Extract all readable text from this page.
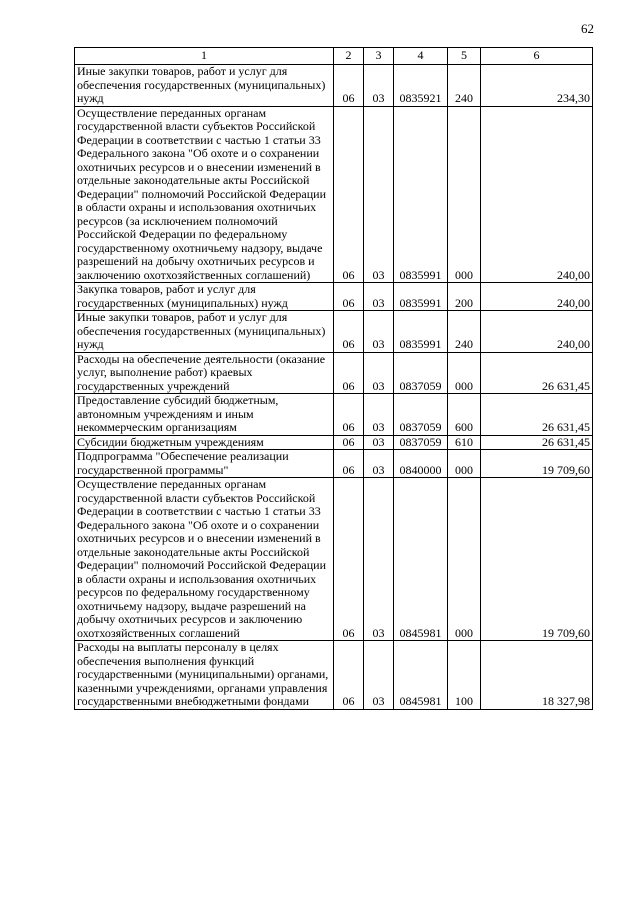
62
1	2	3	4	5	6
Иные закупки товаров, работ и услуг для обеспечения государственных (муниципальных) нужд	06	03	0835921	240	234,30
Осуществление переданных органам государственной власти субъектов Российской Федерации в соответствии с частью 1 статьи 33 Федерального закона "Об охоте и о сохранении охотничьих ресурсов и о внесении изменений в отдельные законодательные акты Российской Федерации" полномочий Российской Федерации в области охраны и использования охотничьих ресурсов (за исключением полномочий Российской Федерации по федеральному государственному охотничьему надзору, выдаче разрешений на добычу охотничьих ресурсов и заключению охотхозяйственных соглашений)	06	03	0835991	000	240,00
Закупка товаров, работ и услуг для государственных (муниципальных) нужд	06	03	0835991	200	240,00
Иные закупки товаров, работ и услуг для обеспечения государственных (муниципальных) нужд	06	03	0835991	240	240,00
Расходы на обеспечение деятельности (оказание услуг, выполнение работ) краевых государственных учреждений	06	03	0837059	000	26 631,45
Предоставление субсидий бюджетным, автономным учреждениям и иным некоммерческим организациям	06	03	0837059	600	26 631,45
Субсидии бюджетным учреждениям	06	03	0837059	610	26 631,45
Подпрограмма "Обеспечение реализации государственной программы"	06	03	0840000	000	19 709,60
Осуществление переданных органам государственной власти субъектов Российской Федерации в соответствии с частью 1 статьи 33 Федерального закона "Об охоте и о сохранении охотничьих ресурсов и о внесении изменений в отдельные законодательные акты Российской Федерации" полномочий Российской Федерации в области охраны и использования охотничьих ресурсов по федеральному государственному охотничьему надзору, выдаче разрешений на добычу охотничьих ресурсов и заключению охотхозяйственных соглашений	06	03	0845981	000	19 709,60
Расходы на выплаты персоналу в целях обеспечения выполнения функций государственными (муниципальными) органами, казенными учреждениями, органами управления государственными внебюджетными фондами	06	03	0845981	100	18 327,98
